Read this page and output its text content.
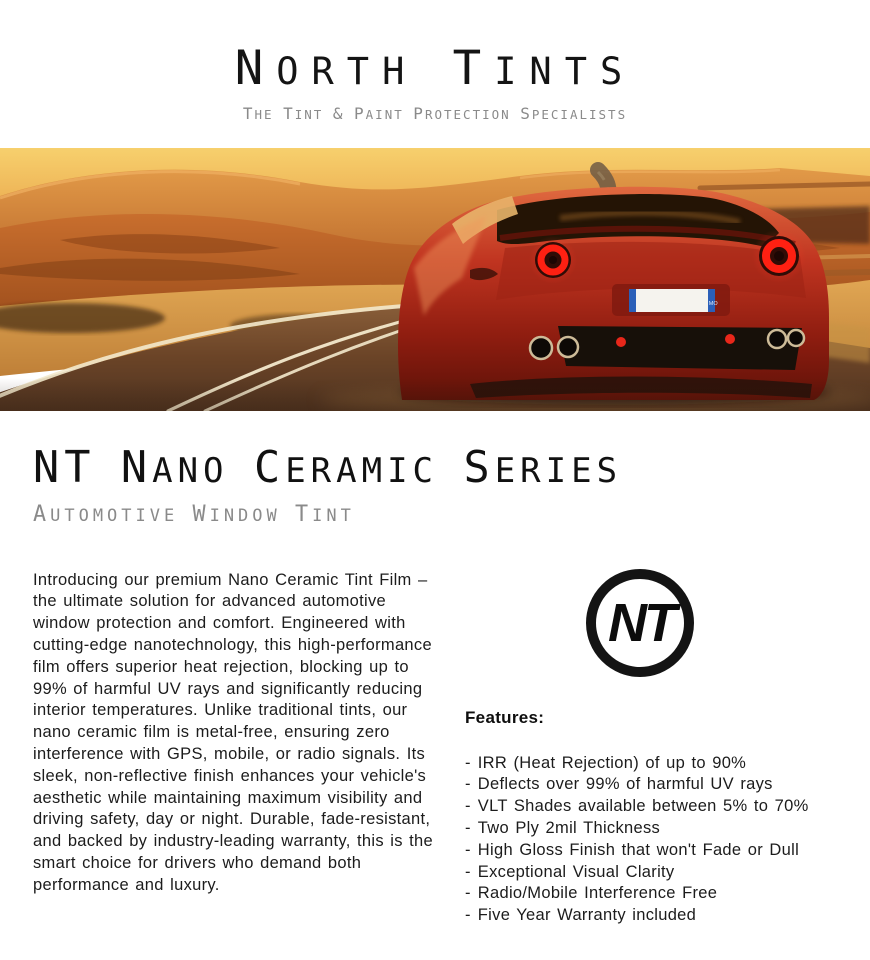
NORTH TINTS
THE TINT & PAINT PROTECTION SPECIALISTS
MO
NT NANO CERAMIC SERIES
AUTOMOTIVE WINDOW TINT

Introducing our premium Nano Ceramic Tint Film – the ultimate solution for advanced automotive window protection and comfort. Engineered with cutting-edge nanotechnology, this high-performance film offers superior heat rejection, blocking up to 99% of harmful UV rays and significantly reducing interior temperatures. Unlike traditional tints, our nano ceramic film is metal-free, ensuring zero interference with GPS, mobile, or radio signals. Its sleek, non-reflective finish enhances your vehicle's aesthetic while maintaining maximum visibility and driving safety, day or night. Durable, fade-resistant, and backed by industry-leading warranty, this is the smart choice for drivers who demand both performance and luxury.

NT
Features:
- IRR (Heat Rejection) of up to 90%
- Deflects over 99% of harmful UV rays
- VLT Shades available between 5% to 70%
- Two Ply 2mil Thickness
- High Gloss Finish that won't Fade or Dull
- Exceptional Visual Clarity
- Radio/Mobile Interference Free
- Five Year Warranty included
